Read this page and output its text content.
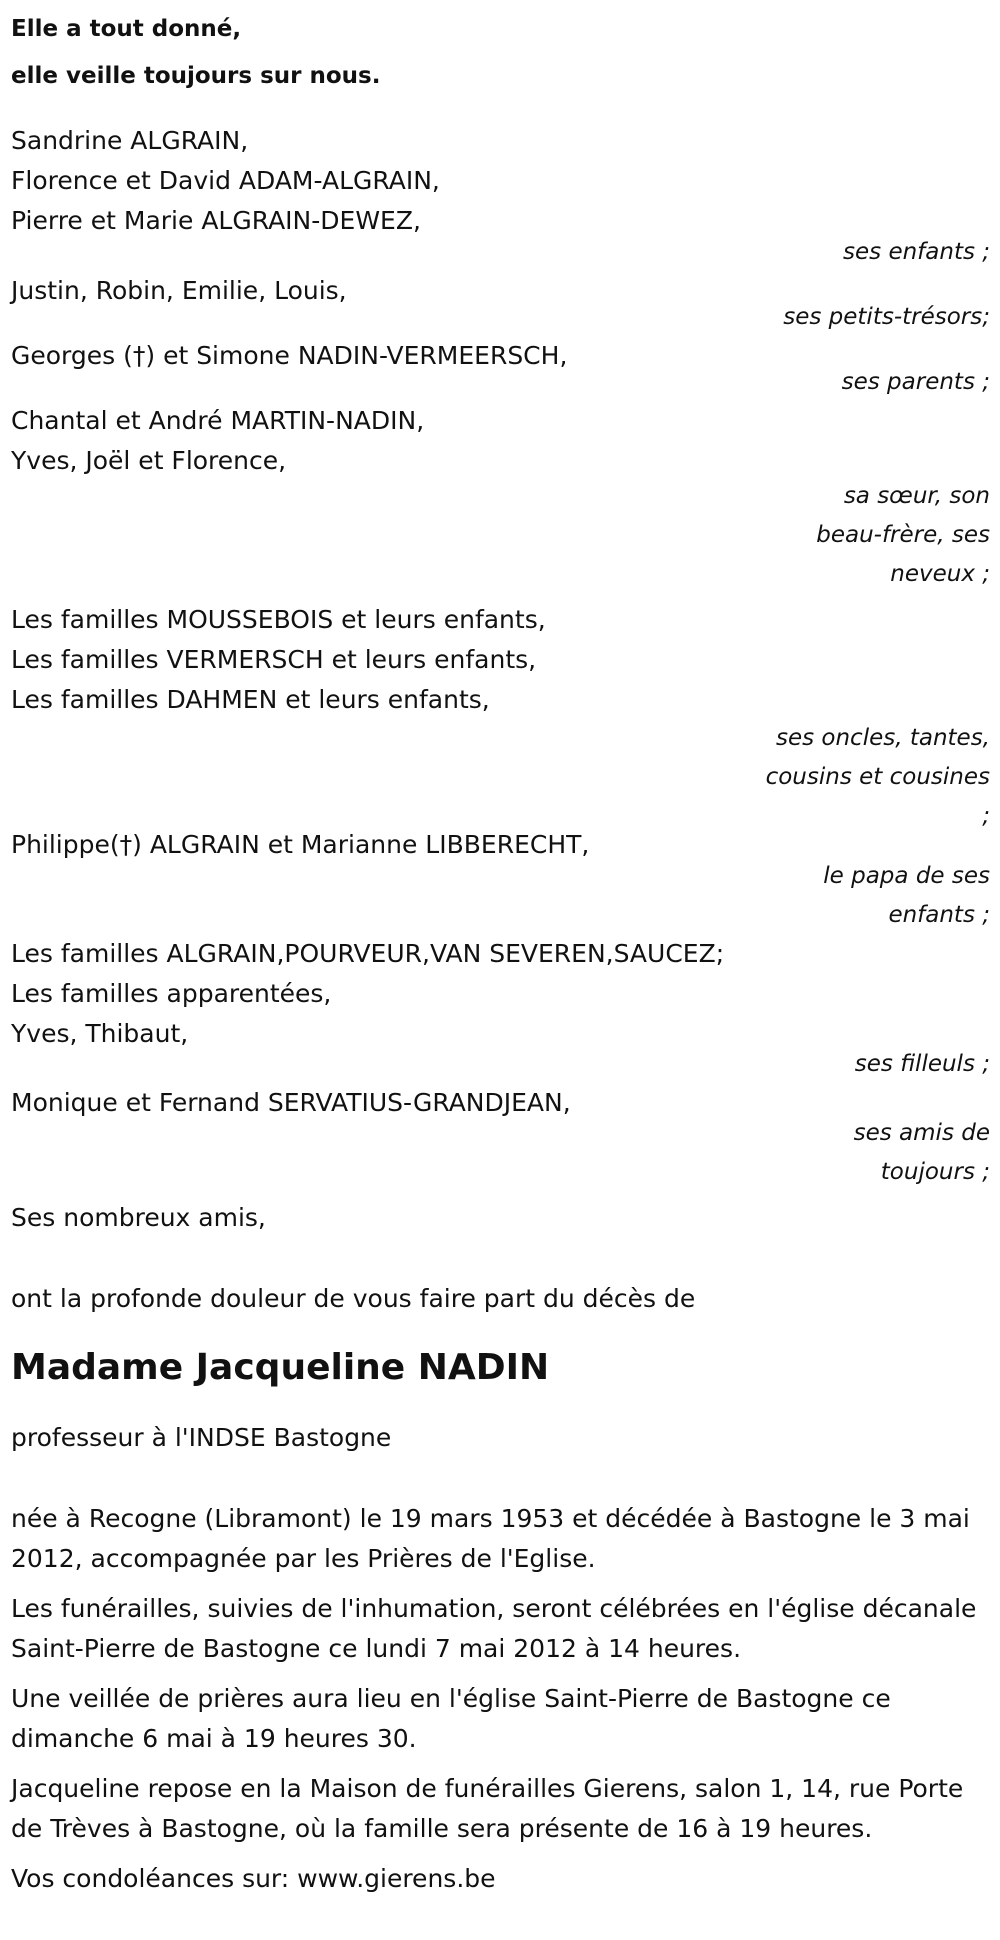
Elle a tout donné,

elle veille toujours sur nous.

Sandrine ALGRAIN,

Florence et David ADAM-ALGRAIN,

Pierre et Marie ALGRAIN-DEWEZ,

ses enfants ;

Justin, Robin, Emilie, Louis,

ses petits-trésors;

Georges (†) et Simone NADIN-VERMEERSCH,

ses parents ;

Chantal et André MARTIN-NADIN,

Yves, Joël et Florence,

sa sœur, son

beau-frère, ses

neveux ;

Les familles MOUSSEBOIS et leurs enfants,

Les familles VERMERSCH et leurs enfants,

Les familles DAHMEN et leurs enfants,

ses oncles, tantes,

cousins et cousines

;

Philippe(†) ALGRAIN et Marianne LIBBERECHT,

le papa de ses

enfants ;

Les familles ALGRAIN,POURVEUR,VAN SEVEREN,SAUCEZ;

Les familles apparentées,

Yves, Thibaut,

ses filleuls ;

Monique et Fernand SERVATIUS-GRANDJEAN,

ses amis de

toujours ;

Ses nombreux amis,

ont la profonde douleur de vous faire part du décès de

Madame Jacqueline NADIN

professeur à l'INDSE Bastogne

née à Recogne (Libramont) le 19 mars 1953 et décédée à Bastogne le 3 mai 2012, accompagnée par les Prières de l'Eglise.

Les funérailles, suivies de l'inhumation, seront célébrées en l'église décanale Saint-Pierre de Bastogne ce lundi 7 mai 2012 à 14 heures.

Une veillée de prières aura lieu en l'église Saint-Pierre de Bastogne ce dimanche 6 mai à 19 heures 30.

Jacqueline repose en la Maison de funérailles Gierens, salon 1, 14, rue Porte de Trèves à Bastogne, où la famille sera présente de 16 à 19 heures.

Vos condoléances sur: www.gierens.be
